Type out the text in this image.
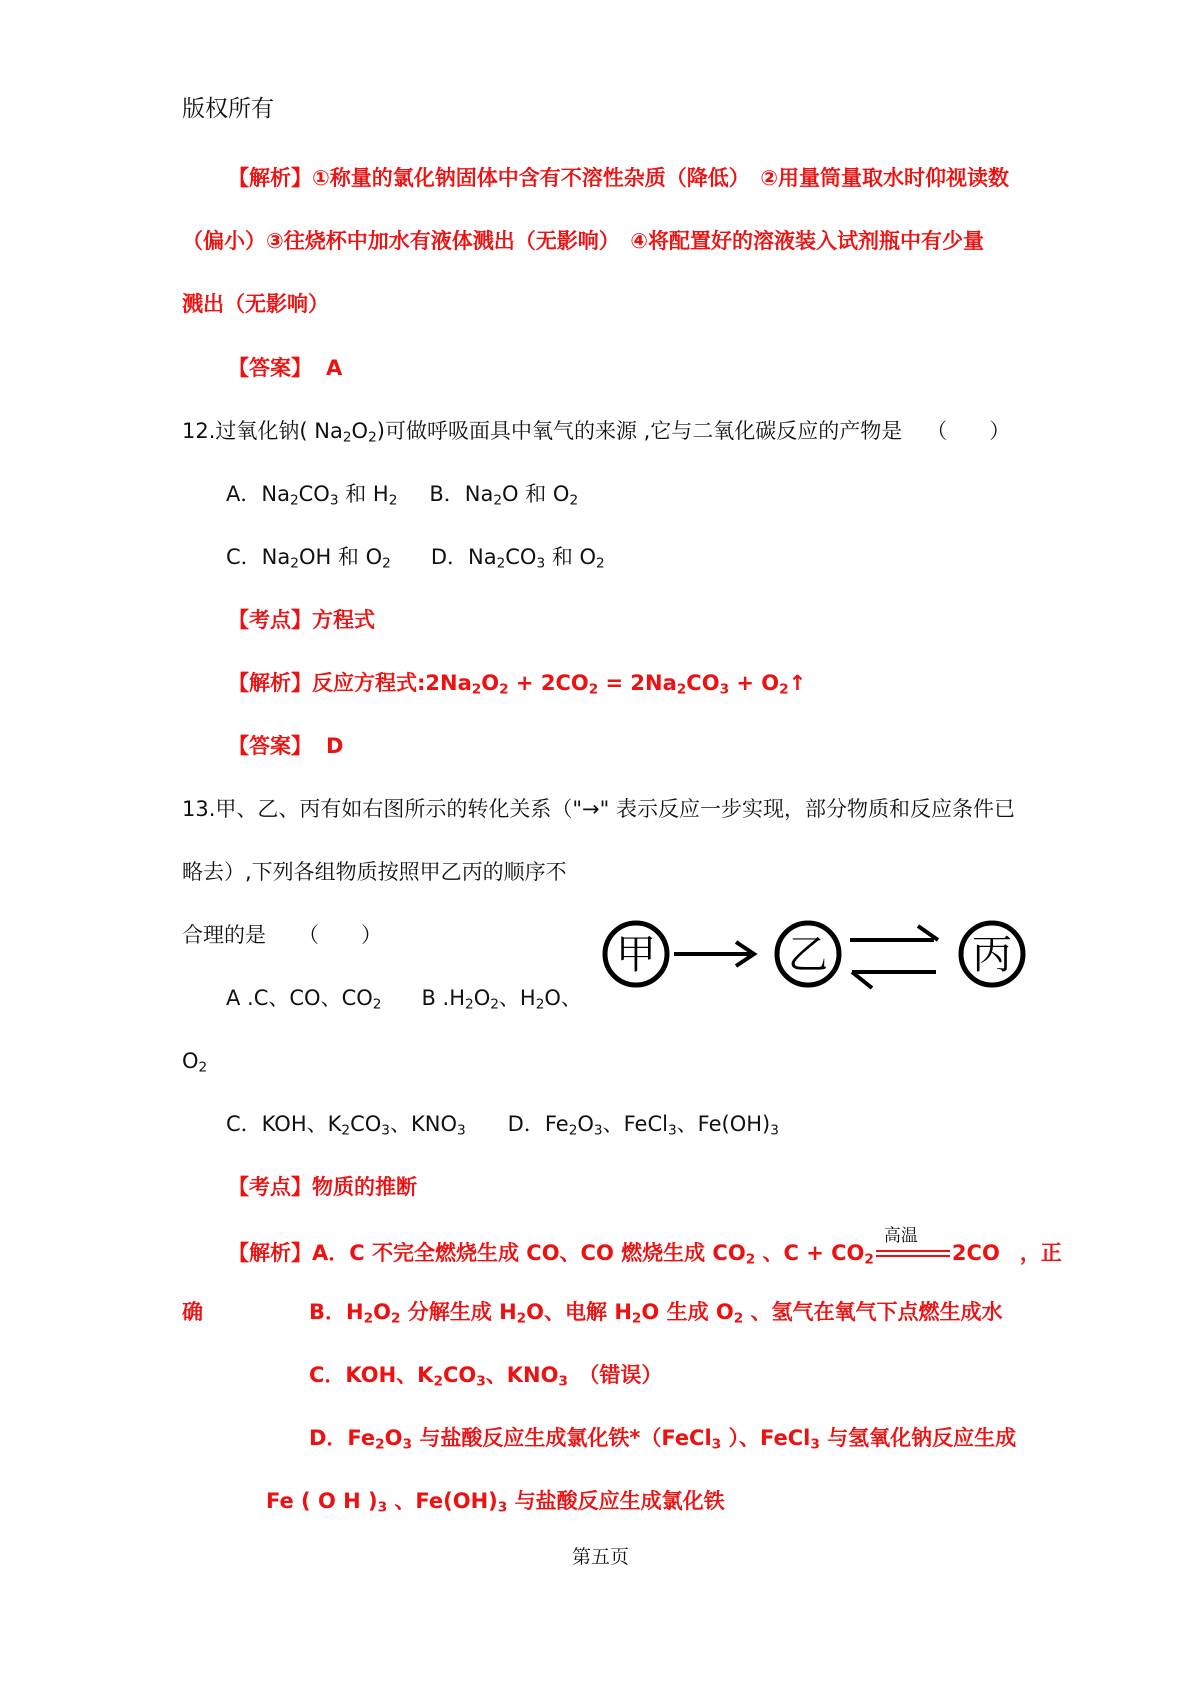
版权所有
【解析】①称量的氯化钠固体中含有不溶性杂质（降低）　②用量筒量取水时仰视读数
（偏小）③往烧杯中加水有液体溅出（无影响）　④将配置好的溶液装入试剂瓶中有少量
溅出（无影响）
【答案】 A
12.过氧化钠( $Na_2O_2$)可做呼吸面具中氧气的来源 ,它与二氧化碳反应的产物是 （　　）
A．$Na_2CO_3$ 和 $H_2$ B．$Na_2O$ 和 $O_2$
C．$Na_2OH$ 和 $O_2$ D．$Na_2CO_3$ 和 $O_2$
【考点】方程式
【解析】反应方程式$:2Na_2O_2 + 2CO_2 = 2Na_2CO_3$ + $O_2↑$
【答案】 D
13.甲、乙、丙有如右图所示的转化关系（"→" 表示反应一步实现，部分物质和反应条件已
略去）,下列各组物质按照甲乙丙的顺序不
合理的是 （　　）	甲	乙	丙
A .C、CO、$CO_2$ B $.H_2O_2$、$H_2O$、
$O_2$
C．KOH、$K_2CO_3$、$KNO_3$ D．$Fe_2O_3$、FeCl$_3$、$Fe(OH)_3$
【考点】物质的推断
【解析】A．C 不完全燃烧生成 CO、CO 燃烧生成 $CO_2$ 、$C + CO_2$
高温
2CO ，正
确	B．$H_2O_2$ 分解生成 $H_2O$、电解 $H_2O$ 生成 $O_2$ 、氢气在氧气下点燃生成水
C．KOH、$K_2CO_3$、$KNO_3$　（错误）
D．$Fe_2O_3$ 与盐酸反应生成氯化铁*（FeCl$_3$ ）、FeCl$_3$ 与氢氧化钠反应生成
Fe ( O H )$_3$ 、$Fe(OH)_3$ 与盐酸反应生成氯化铁
第五页
